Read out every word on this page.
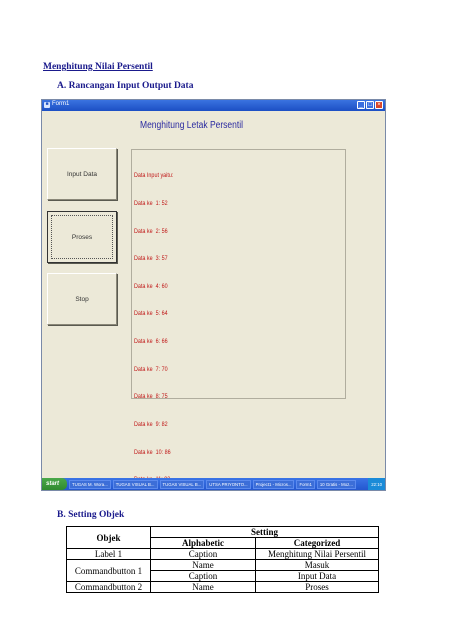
Menghitung Nilai Persentil
A. Rancangan Input Output Data
■ Form1	_ □ ×
Menghitung Letak Persentil
Input Data
Proses
Stop

Data Input yaitu:

Data ke  1: 52

Data ke  2: 56

Data ke  3: 57

Data ke  4: 60

Data ke  5: 64

Data ke  6: 66

Data ke  7: 70

Data ke  8: 75

Data ke  9: 82

Data ke  10: 86

start	TUGAS M. Wora...	TUGAS VISUAL B...	TUGAS VISUAL B...	UTSA PRIYONTO...	Project1 - Micros...	Form1	10 Gratis - Moz...	22:10
B. Setting Objek
Objek	Setting	
	Alphabetic	Categorized
Label 1	Caption	Menghitung Nilai Persentil
Commandbutton 1	Name	Masuk
	Caption	Input Data
Commandbutton 2	Name	Proses
